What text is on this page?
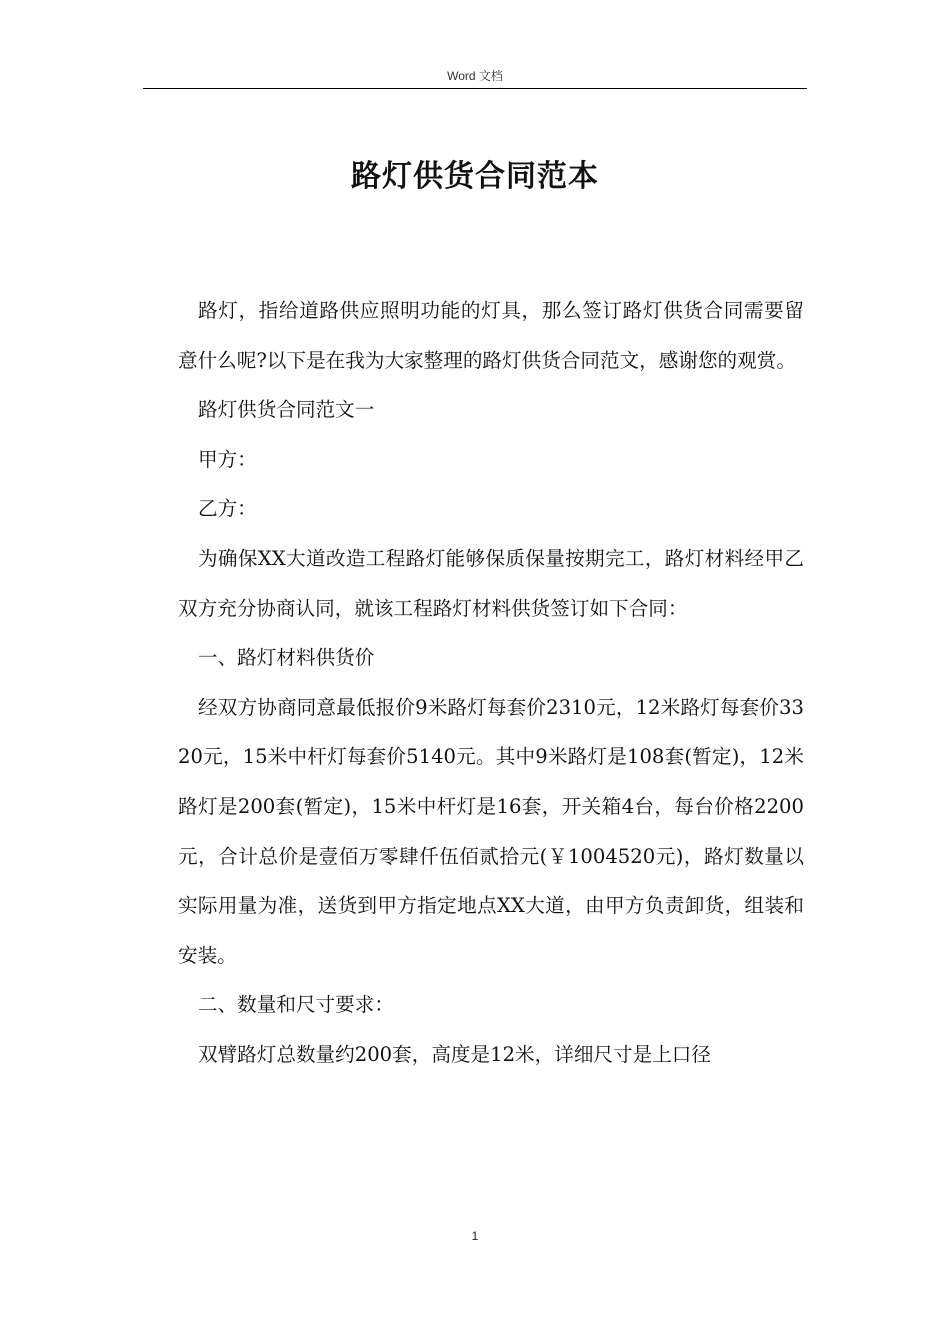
Word 文档
路灯供货合同范本

路灯，指给道路供应照明功能的灯具，那么签订路灯供货合同需要留意什么呢?以下是在我为大家整理的路灯供货合同范文，感谢您的观赏。

路灯供货合同范文一

甲方：

乙方：

为确保XX大道改造工程路灯能够保质保量按期完工，路灯材料经甲乙双方充分协商认同，就该工程路灯材料供货签订如下合同：

一、路灯材料供货价

经双方协商同意最低报价9米路灯每套价2310元，12米路灯每套价3320元，15米中杆灯每套价5140元。其中9米路灯是108套(暂定)，12米路灯是200套(暂定)，15米中杆灯是16套，开关箱4台，每台价格2200元，合计总价是壹佰万零肆仟伍佰贰拾元(￥1004520元)，路灯数量以实际用量为准，送货到甲方指定地点XX大道，由甲方负责卸货，组装和安装。

二、数量和尺寸要求：

双臂路灯总数量约200套，高度是12米，详细尺寸是上口径

1
